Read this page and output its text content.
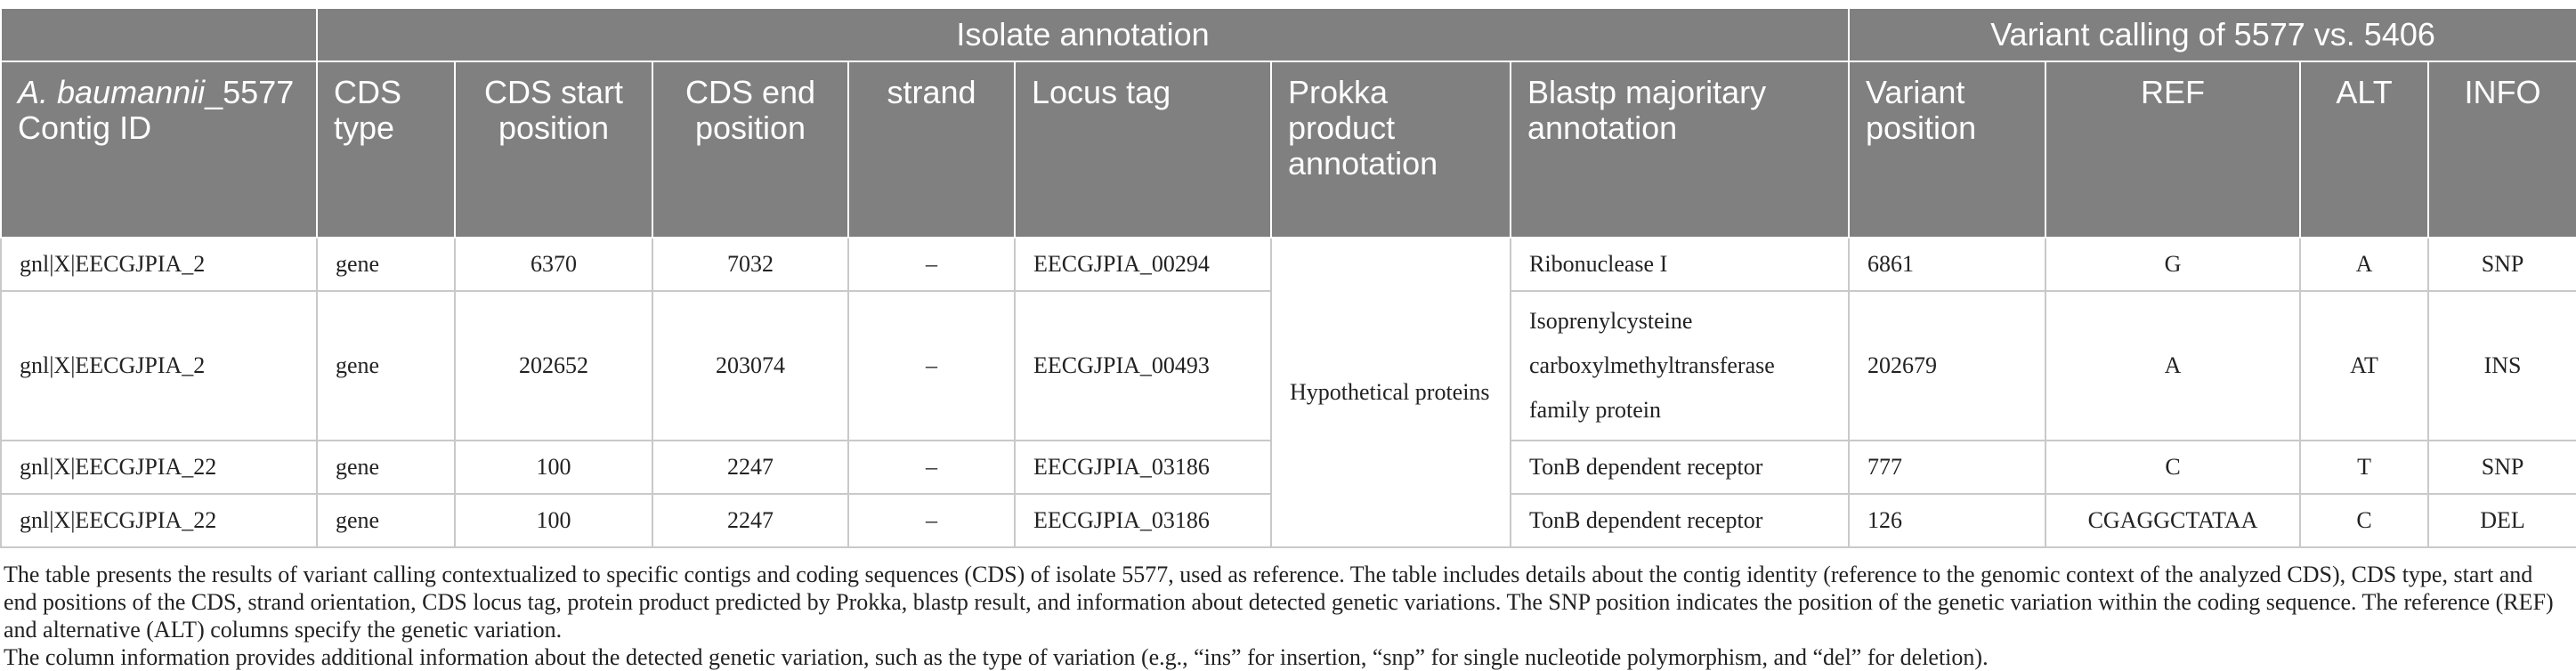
	Isolate annotation							Variant calling of 5577 vs. 5406			
A. baumannii_5577 Contig ID	CDS type	CDS start position	CDS end position	strand	Locus tag	Prokka product annotation	Blastp majoritary annotation	Variant position	REF	ALT	INFO
gnl|X|EECGJPIA_2	gene	6370	7032	–	EECGJPIA_00294	Hypothetical proteins	Ribonuclease I	6861	G	A	SNP
gnl|X|EECGJPIA_2	gene	202652	203074	–	EECGJPIA_00493		Isoprenylcysteine carboxylmethyltransferase family protein	202679	A	AT	INS
gnl|X|EECGJPIA_22	gene	100	2247	–	EECGJPIA_03186		TonB dependent receptor	777	C	T	SNP
gnl|X|EECGJPIA_22	gene	100	2247	–	EECGJPIA_03186		TonB dependent receptor	126	CGAGGCTATAA	C	DEL

The table presents the results of variant calling contextualized to specific contigs and coding sequences (CDS) of isolate 5577, used as reference. The table includes details about the contig identity (reference to the genomic context of the analyzed CDS), CDS type, start and end positions of the CDS, strand orientation, CDS locus tag, protein product predicted by Prokka, blastp result, and information about detected genetic variations. The SNP position indicates the position of the genetic variation within the coding sequence. The reference (REF) and alternative (ALT) columns specify the genetic variation.

The column information provides additional information about the detected genetic variation, such as the type of variation (e.g., “ins” for insertion, “snp” for single nucleotide polymorphism, and “del” for deletion).
